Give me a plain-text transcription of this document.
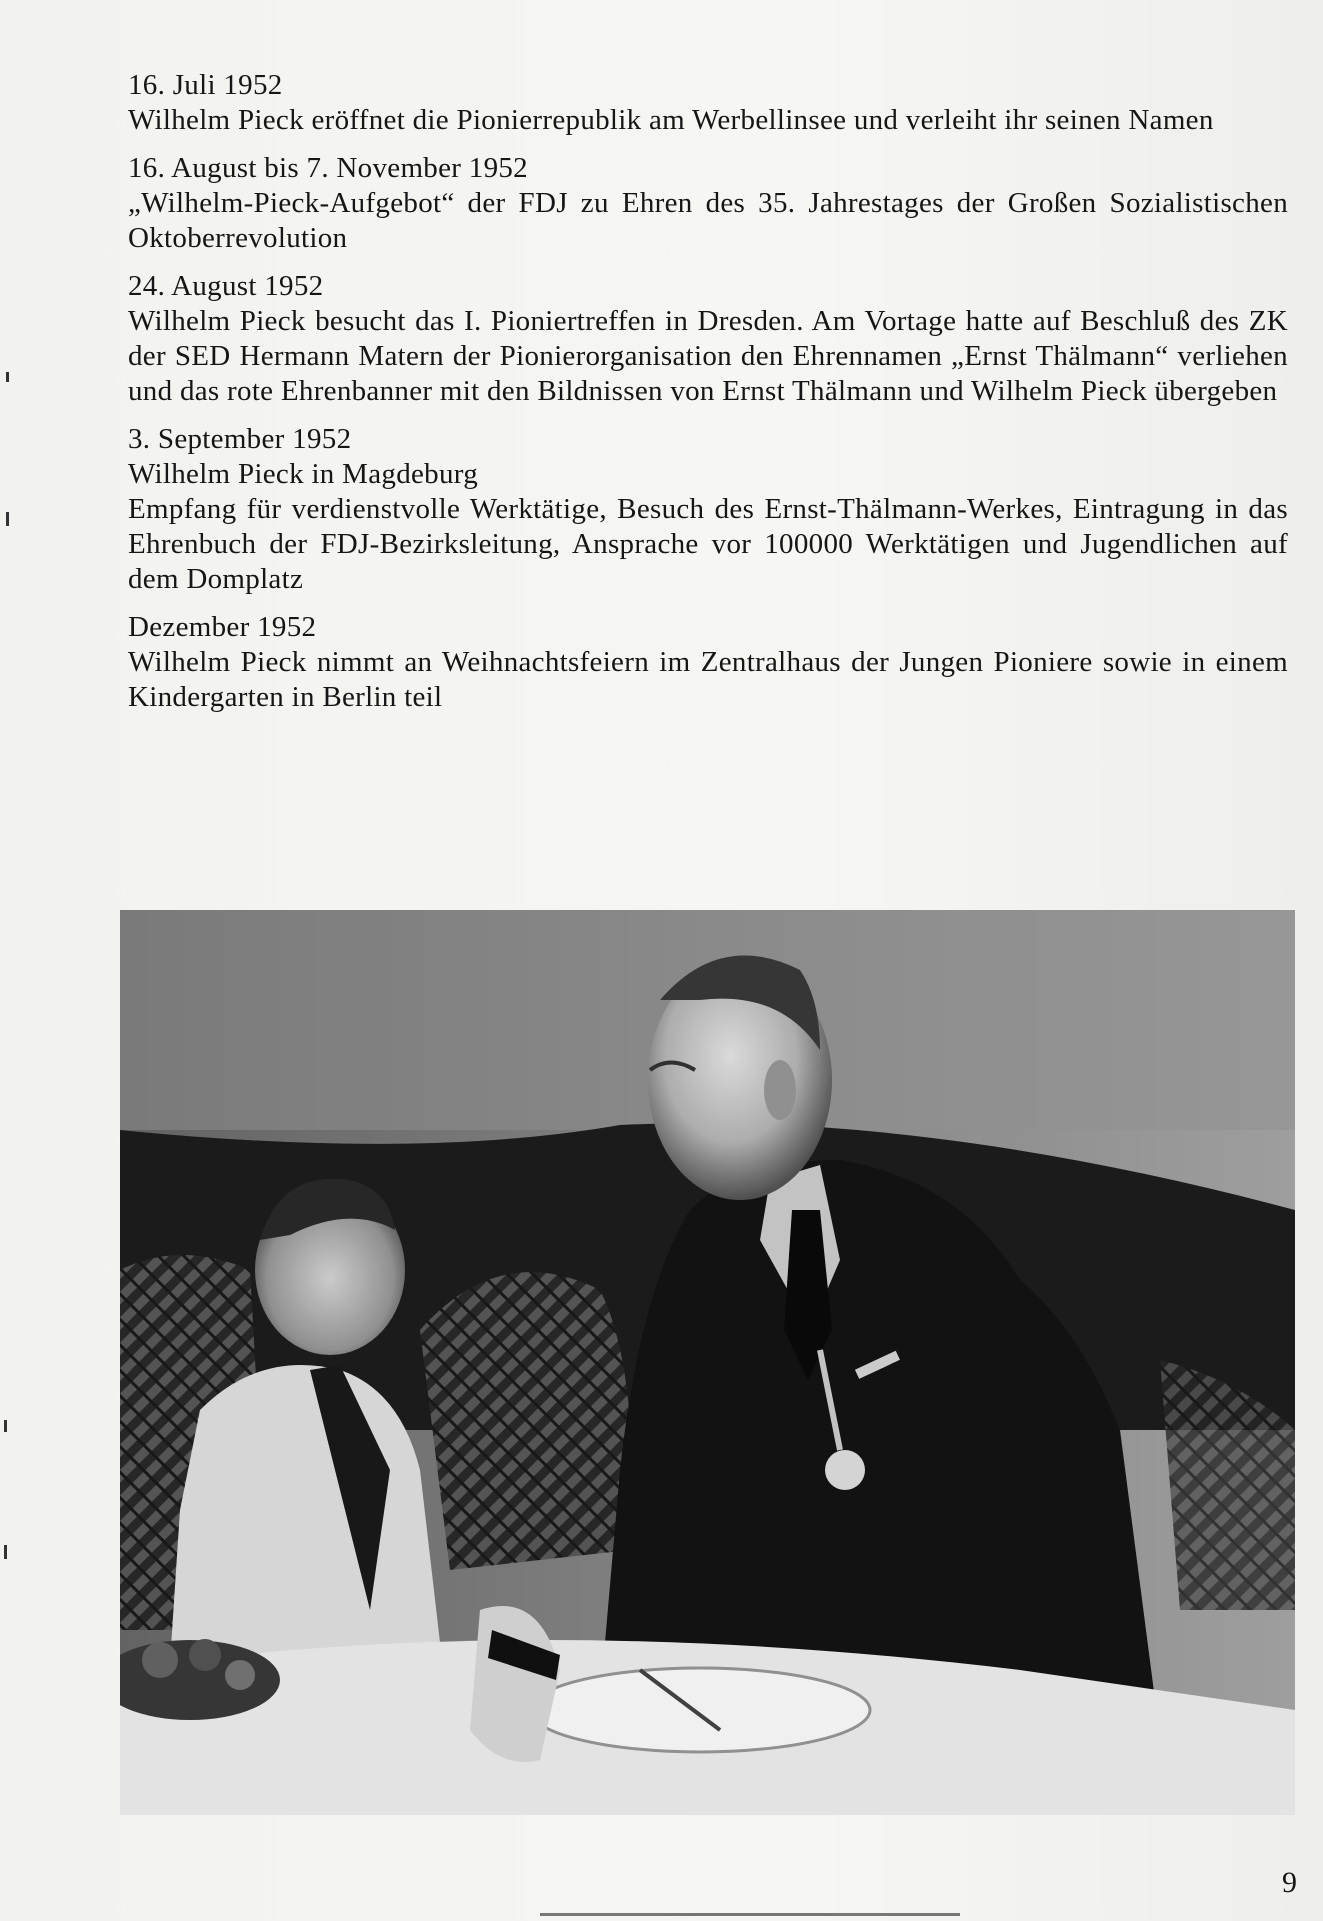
16. Juli 1952
Wilhelm Pieck eröffnet die Pionierrepublik am Werbellinsee und verleiht ihr seinen Namen
16. August bis 7. November 1952
„Wilhelm-Pieck-Aufgebot“ der FDJ zu Ehren des 35. Jahrestages der Großen Sozialistischen Oktoberrevolution
24. August 1952
Wilhelm Pieck besucht das I. Pioniertreffen in Dresden. Am Vortage hatte auf Beschluß des ZK der SED Hermann Matern der Pionierorganisation den Ehrennamen „Ernst Thälmann“ verliehen und das rote Ehrenbanner mit den Bildnissen von Ernst Thälmann und Wilhelm Pieck übergeben
3. September 1952
Wilhelm Pieck in Magdeburg
Empfang für verdienstvolle Werktätige, Besuch des Ernst-Thälmann-Werkes, Eintragung in das Ehrenbuch der FDJ-Bezirksleitung, Ansprache vor 100000 Werktätigen und Jugendlichen auf dem Domplatz
Dezember 1952
Wilhelm Pieck nimmt an Weihnachtsfeiern im Zentralhaus der Jungen Pioniere sowie in einem Kindergarten in Berlin teil
9
